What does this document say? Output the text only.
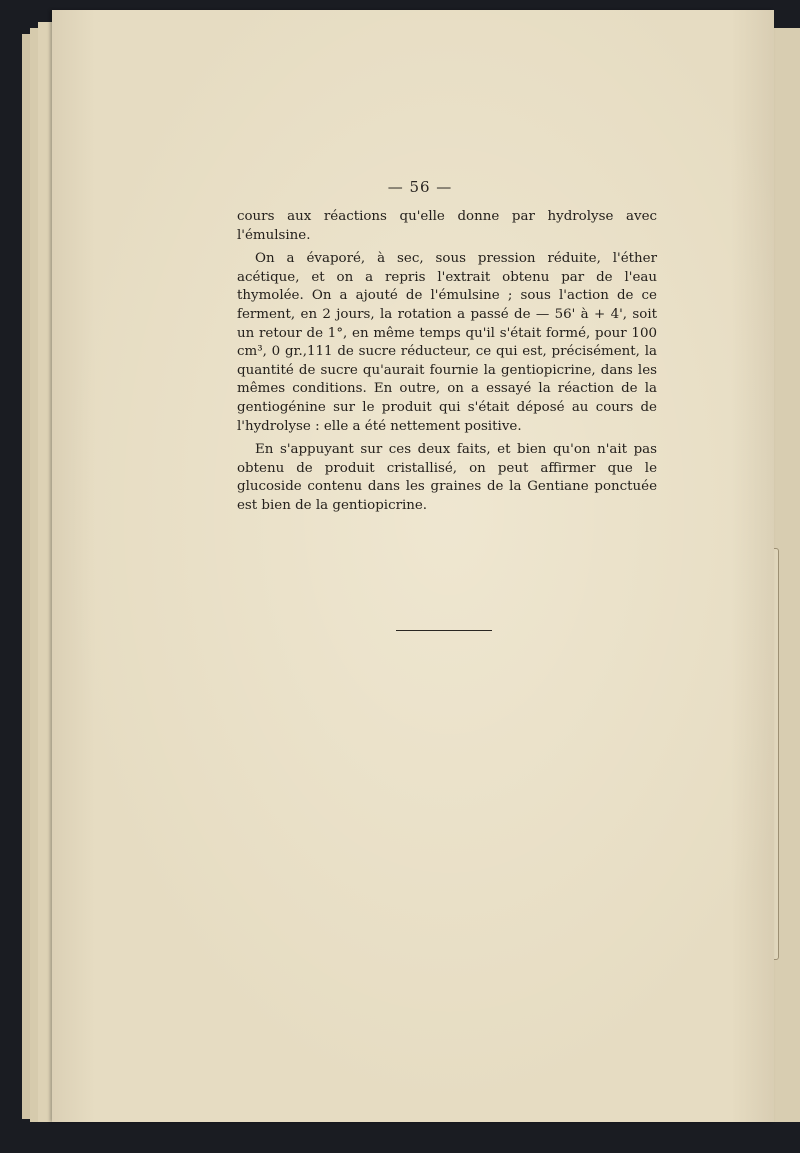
— 56 —

cours aux réactions qu'elle donne par hydrolyse avec l'émulsine.

On a évaporé, à sec, sous pression réduite, l'éther acétique, et on a repris l'extrait obtenu par de l'eau thymolée. On a ajouté de l'émulsine ; sous l'action de ce ferment, en 2 jours, la rotation a passé de — 56' à + 4', soit un retour de 1°, en même temps qu'il s'était formé, pour 100 cm³, 0 gr.,111 de sucre réducteur, ce qui est, précisément, la quantité de sucre qu'aurait fournie la gentiopicrine, dans les mêmes conditions. En outre, on a essayé la réaction de la gentiogénine sur le produit qui s'était déposé au cours de l'hydrolyse : elle a été nettement positive.

En s'appuyant sur ces deux faits, et bien qu'on n'ait pas obtenu de produit cristallisé, on peut affirmer que le glucoside contenu dans les graines de la Gentiane ponctuée est bien de la gentiopicrine.
